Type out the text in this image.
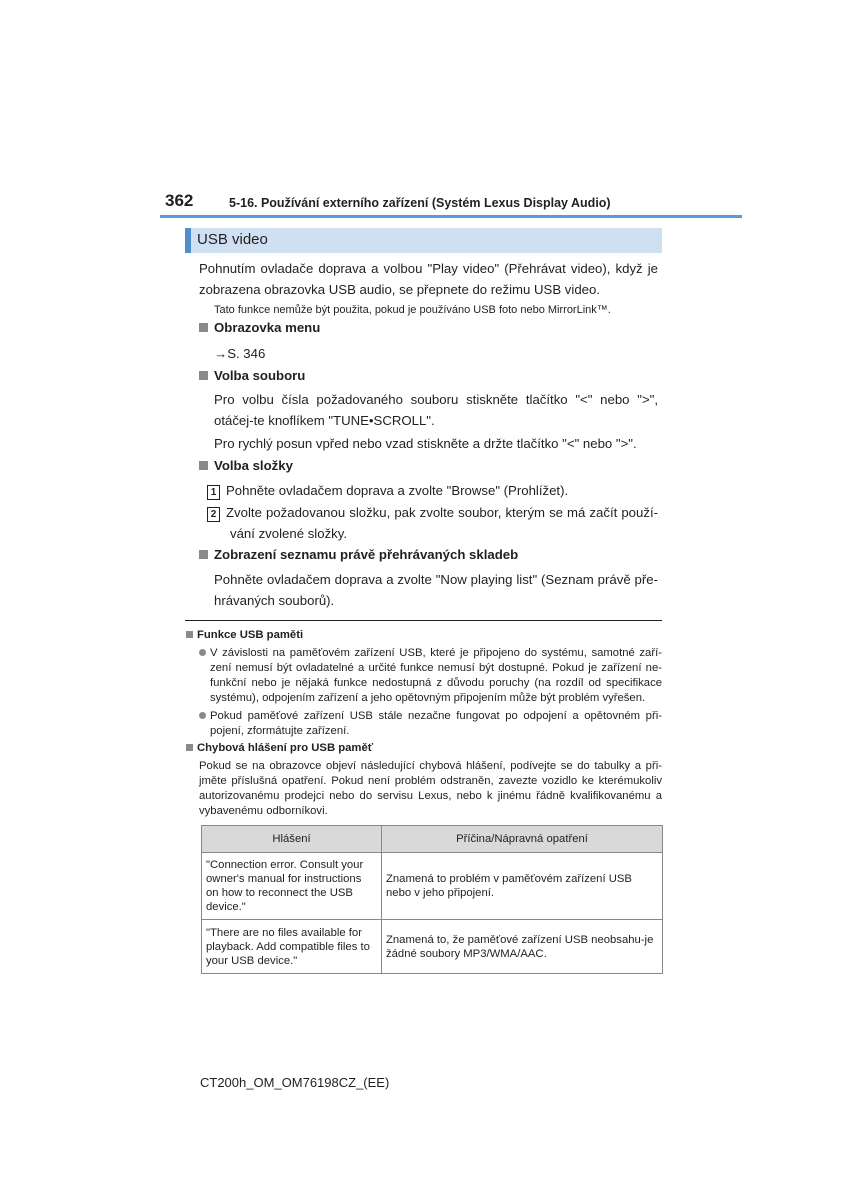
362	5-16. Používání externího zařízení (Systém Lexus Display Audio)
USB video
Pohnutím ovladače doprava a volbou "Play video" (Přehrávat video), když je zobrazena obrazovka USB audio, se přepnete do režimu USB video.
Tato funkce nemůže být použita, pokud je používáno USB foto nebo MirrorLink™.
Obrazovka menu
→S. 346
Volba souboru
Pro volbu čísla požadovaného souboru stiskněte tlačítko "<" nebo ">", otáčej-te knoflíkem "TUNE•SCROLL".
Pro rychlý posun vpřed nebo vzad stiskněte a držte tlačítko "<" nebo ">".
Volba složky
1 Pohněte ovladačem doprava a zvolte "Browse" (Prohlížet).
2 Zvolte požadovanou složku, pak zvolte soubor, kterým se má začít použí-vání zvolené složky.
Zobrazení seznamu právě přehrávaných skladeb
Pohněte ovladačem doprava a zvolte "Now playing list" (Seznam právě pře-hrávaných souborů).
Funkce USB paměti
V závislosti na paměťovém zařízení USB, které je připojeno do systému, samotné zaří-zení nemusí být ovladatelné a určité funkce nemusí být dostupné. Pokud je zařízení ne-funkční nebo je nějaká funkce nedostupná z důvodu poruchy (na rozdíl od specifikace systému), odpojením zařízení a jeho opětovným připojením může být problém vyřešen.
Pokud paměťové zařízení USB stále nezačne fungovat po odpojení a opětovném při-pojení, zformátujte zařízení.
Chybová hlášení pro USB paměť
Pokud se na obrazovce objeví následující chybová hlášení, podívejte se do tabulky a při-jměte příslušná opatření. Pokud není problém odstraněn, zavezte vozidlo ke kterémukoliv autorizovanému prodejci nebo do servisu Lexus, nebo k jinému řádně kvalifikovanému a vybavenému odborníkovi.
Hlášení	Příčina/Nápravná opatření
"Connection error. Consult your owner's manual for instructions on how to reconnect the USB device."	Znamená to problém v paměťovém zařízení USB nebo v jeho připojení.
"There are no files available for playback. Add compatible files to your USB device."	Znamená to, že paměťové zařízení USB neobsahu-je žádné soubory MP3/WMA/AAC.
CT200h_OM_OM76198CZ_(EE)
